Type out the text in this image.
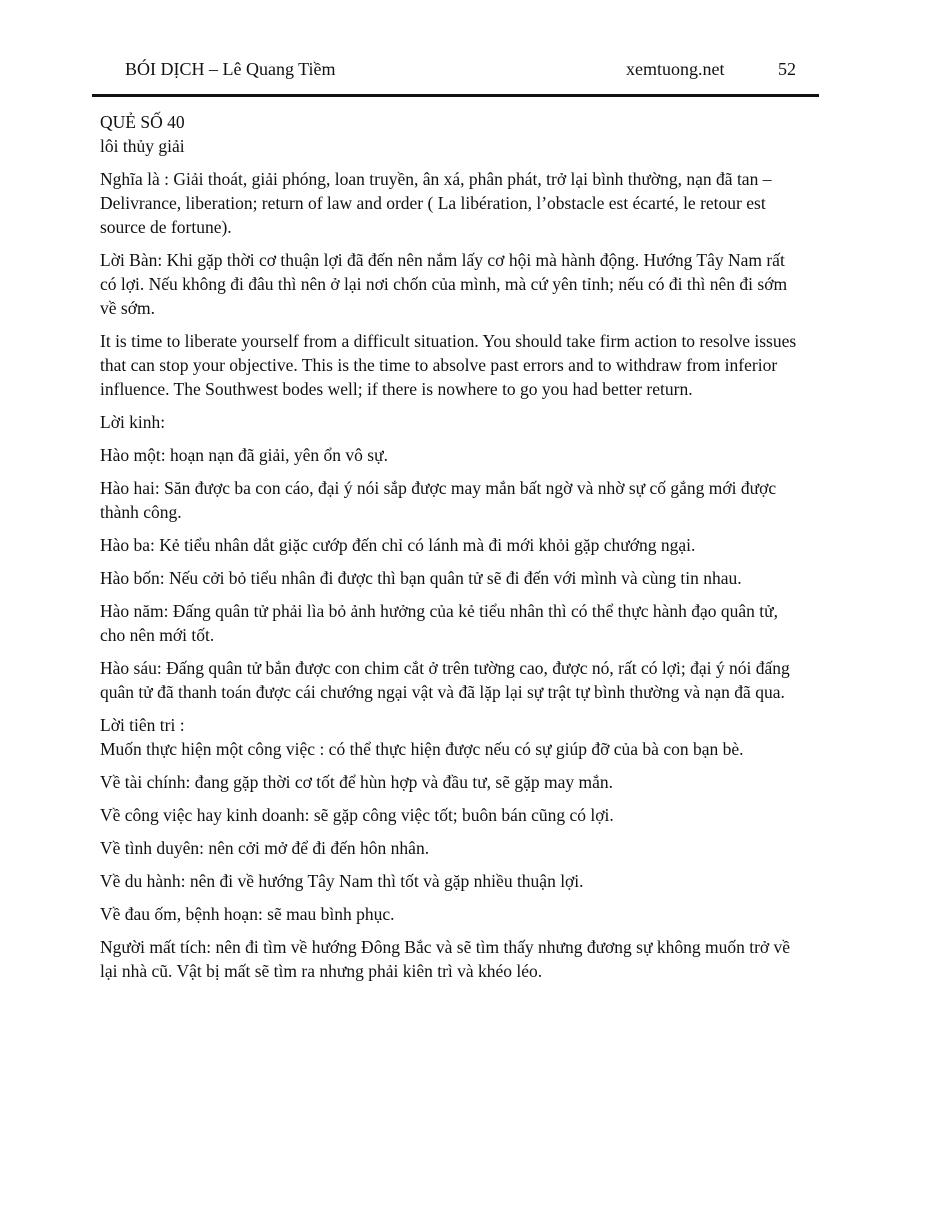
BÓI DỊCH – Lê Quang Tiềm	xemtuong.net	52

QUẺ SỐ 40

lôi thủy giải

Nghĩa là : Giải thoát, giải phóng, loan truyền, ân xá, phân phát, trở lại bình thường, nạn đã tan – Delivrance, liberation; return of law and order ( La libération, l’obstacle est écarté, le retour est source de fortune).

Lời Bàn: Khi gặp thời cơ thuận lợi đã đến nên nắm lấy cơ hội mà hành động. Hướng Tây Nam rất có lợi. Nếu không đi đâu thì nên ở lại nơi chốn của mình, mà cứ yên tỉnh; nếu có đi thì nên đi sớm về sớm.

It is time to liberate yourself from a difficult situation. You should take firm action to resolve issues that can stop your objective. This is the time to absolve past errors and to withdraw from inferior influence. The Southwest bodes well; if there is nowhere to go you had better return.

Lời kinh:

Hào một: hoạn nạn đã giải, yên ổn vô sự.

Hào hai: Săn được ba con cáo, đại ý nói sắp được may mắn bất ngờ và nhờ sự cố gắng mới được thành công.

Hào ba: Kẻ tiểu nhân dắt giặc cướp đến chỉ có lánh mà đi mới khỏi gặp chướng ngại.

Hào bốn: Nếu cởi bỏ tiểu nhân đi được thì bạn quân tử sẽ đi đến với mình và cùng tin nhau.

Hào năm: Đấng quân tử phải lìa bỏ ảnh hưởng của kẻ tiểu nhân thì có thể thực hành đạo quân tử, cho nên mới tốt.

Hào sáu: Đấng quân tử bắn được con chim cắt ở trên tường cao, được nó, rất có lợi; đại ý nói đấng quân tử đã thanh toán được cái chướng ngại vật và đã lặp lại sự trật tự bình thường và nạn đã qua.

Lời tiên tri :

Muốn thực hiện một công việc : có thể thực hiện được nếu có sự giúp đỡ của bà con bạn bè.

Về tài chính: đang gặp thời cơ tốt để hùn hợp và đầu tư, sẽ gặp may mắn.

Về công việc hay kinh doanh: sẽ gặp công việc tốt; buôn bán cũng có lợi.

Về tình duyên: nên cởi mở để đi đến hôn nhân.

Về du hành: nên đi về hướng Tây Nam thì tốt và gặp nhiều thuận lợi.

Về đau ốm, bệnh hoạn: sẽ mau bình phục.

Người mất tích: nên đi tìm về hướng Đông Bắc và sẽ tìm thấy nhưng đương sự không muốn trở về lại nhà cũ. Vật bị mất sẽ tìm ra nhưng phải kiên trì và khéo léo.
